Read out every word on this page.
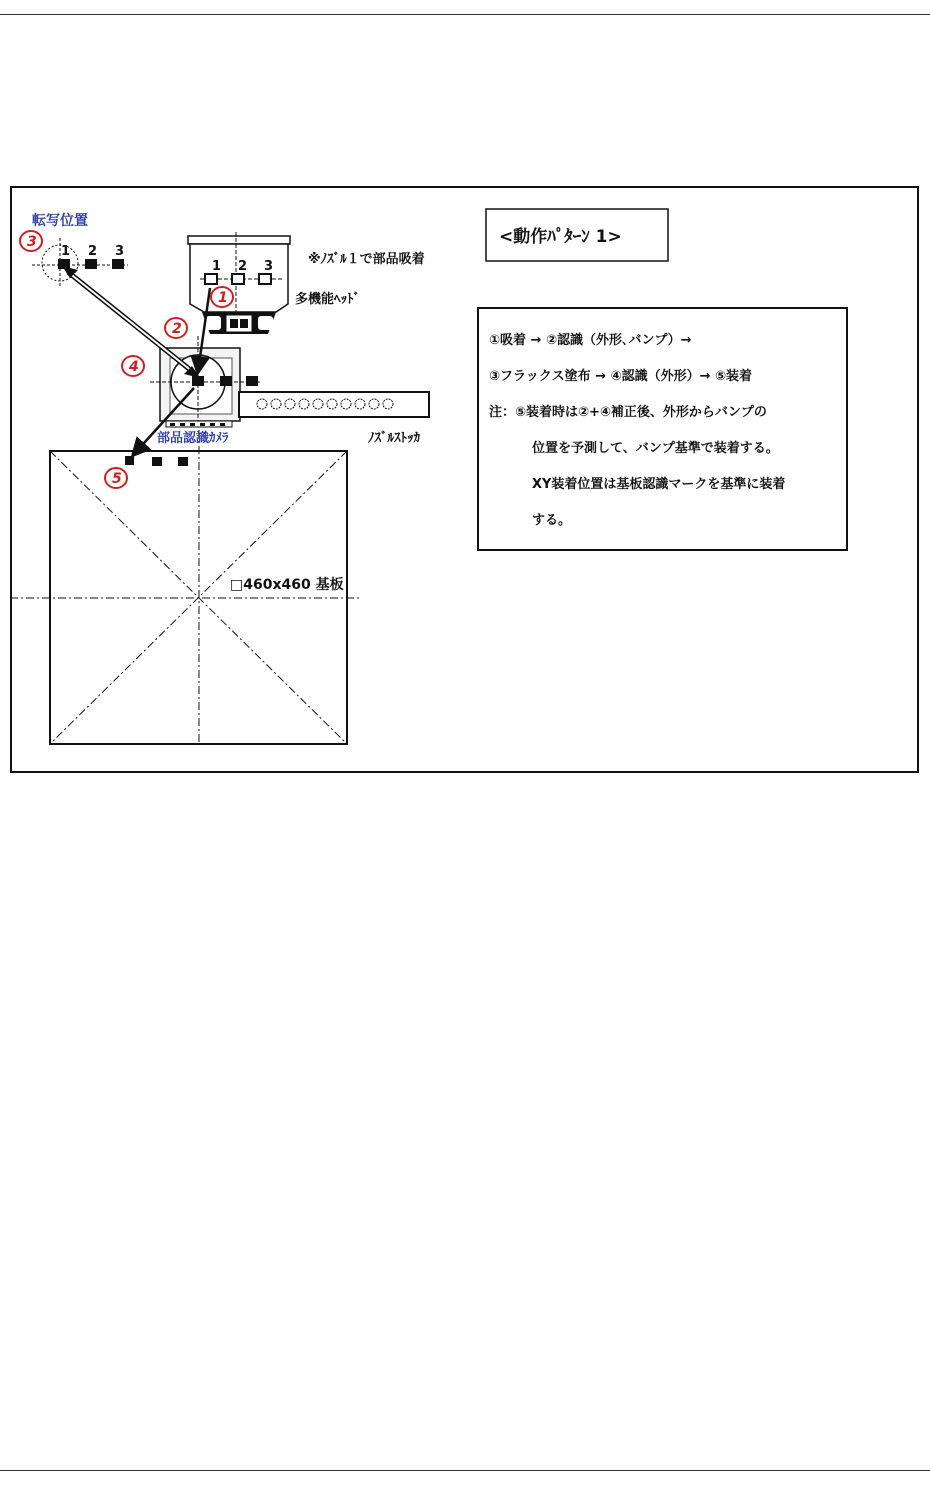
□460x460 基板
転写位置
1 2 3
1 2 3	※ﾉｽﾞﾙ１で部品吸着
多機能ﾍｯﾄﾞ
部品認識ｶﾒﾗ	ﾉｽﾞﾙｽﾄｯｶ
1
2
3
4
5
<動作ﾊﾟﾀｰﾝ 1>
①吸着 → ②認識（外形､バンプ）→
③フラックス塗布 → ④認識（外形）→ ⑤装着
注：⑤装着時は②+④補正後、外形からバンプの
位置を予測して、バンプ基準で装着する。
XY装着位置は基板認識マークを基準に装着
する。
